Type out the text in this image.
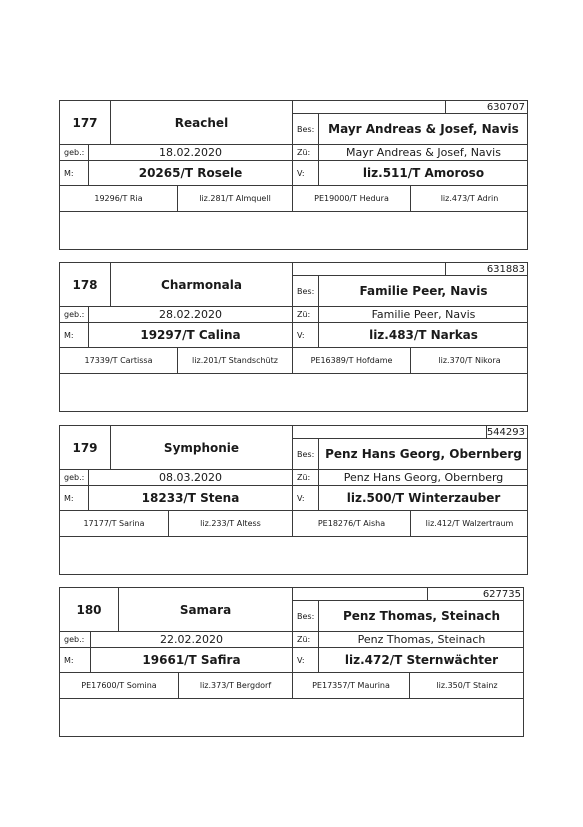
177	Reachel
630707
Bes:	Mayr Andreas & Josef, Navis
geb.:	18.02.2020	Zü:	Mayr Andreas & Josef, Navis
M:	20265/T Rosele	V:	liz.511/T Amoroso
19296/T Ria	liz.281/T Almquell	PE19000/T Hedura	liz.473/T Adrin
178	Charmonala
631883
Bes:	Familie Peer, Navis
geb.:	28.02.2020	Zü:	Familie Peer, Navis
M:	19297/T Calina	V:	liz.483/T Narkas
17339/T Cartissa	liz.201/T Standschütz	PE16389/T Hofdame	liz.370/T Nikora
179	Symphonie
544293
Bes: Penz Hans Georg, Obernberg
geb.:	08.03.2020	Zü:	Penz Hans Georg, Obernberg
M:	18233/T Stena	V:	liz.500/T Winterzauber
17177/T Sarina	liz.233/T Altess	PE18276/T Aisha	liz.412/T Walzertraum
180	Samara
627735
Bes:	Penz Thomas, Steinach
geb.:	22.02.2020	Zü:	Penz Thomas, Steinach
M:	19661/T Safira	V:	liz.472/T Sternwächter
PE17600/T Somina	liz.373/T Bergdorf	PE17357/T Maurina	liz.350/T Stainz
